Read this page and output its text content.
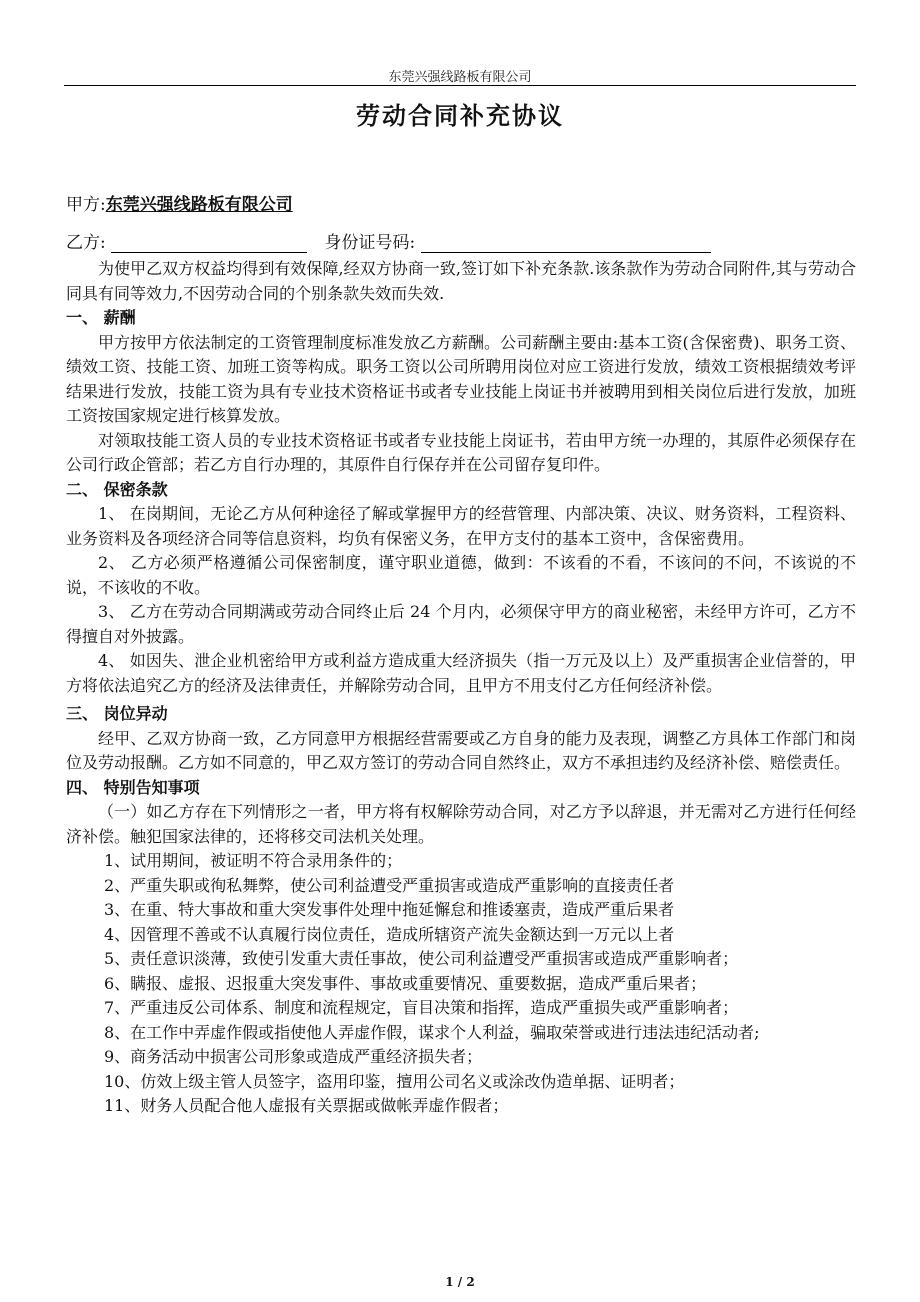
东莞兴强线路板有限公司
劳动合同补充协议
甲方:东莞兴强线路板有限公司
乙方:	身份证号码:

为使甲乙双方权益均得到有效保障,经双方协商一致,签订如下补充条款.该条款作为劳动合同附件,其与劳动合同具有同等效力,不因劳动合同的个别条款失效而失效.

一、 薪酬

甲方按甲方依法制定的工资管理制度标准发放乙方薪酬。公司薪酬主要由:基本工资(含保密费)、职务工资、绩效工资、技能工资、加班工资等构成。职务工资以公司所聘用岗位对应工资进行发放，绩效工资根据绩效考评结果进行发放，技能工资为具有专业技术资格证书或者专业技能上岗证书并被聘用到相关岗位后进行发放，加班工资按国家规定进行核算发放。

对领取技能工资人员的专业技术资格证书或者专业技能上岗证书，若由甲方统一办理的，其原件必须保存在公司行政企管部；若乙方自行办理的，其原件自行保存并在公司留存复印件。

二、 保密条款

1、 在岗期间，无论乙方从何种途径了解或掌握甲方的经营管理、内部决策、决议、财务资料，工程资料、业务资料及各项经济合同等信息资料，均负有保密义务，在甲方支付的基本工资中，含保密费用。

2、 乙方必须严格遵循公司保密制度，谨守职业道德，做到：不该看的不看，不该问的不问，不该说的不说，不该收的不收。

3、 乙方在劳动合同期满或劳动合同终止后 24 个月内，必须保守甲方的商业秘密，未经甲方许可，乙方不得擅自对外披露。

4、 如因失、泄企业机密给甲方或利益方造成重大经济损失（指一万元及以上）及严重损害企业信誉的，甲方将依法追究乙方的经济及法律责任，并解除劳动合同，且甲方不用支付乙方任何经济补偿。

三、 岗位异动

经甲、乙双方协商一致，乙方同意甲方根据经营需要或乙方自身的能力及表现，调整乙方具体工作部门和岗位及劳动报酬。乙方如不同意的，甲乙双方签订的劳动合同自然终止，双方不承担违约及经济补偿、赔偿责任。

四、 特别告知事项

（一）如乙方存在下列情形之一者，甲方将有权解除劳动合同，对乙方予以辞退，并无需对乙方进行任何经济补偿。触犯国家法律的，还将移交司法机关处理。

1、试用期间，被证明不符合录用条件的；

2、严重失职或徇私舞弊，使公司利益遭受严重损害或造成严重影响的直接责任者

3、在重、特大事故和重大突发事件处理中拖延懈怠和推诿塞责，造成严重后果者

4、因管理不善或不认真履行岗位责任，造成所辖资产流失金额达到一万元以上者

5、责任意识淡薄，致使引发重大责任事故，使公司利益遭受严重损害或造成严重影响者；

6、瞒报、虚报、迟报重大突发事件、事故或重要情况、重要数据，造成严重后果者；

7、严重违反公司体系、制度和流程规定，盲目决策和指挥，造成严重损失或严重影响者；

8、在工作中弄虚作假或指使他人弄虚作假，谋求个人利益，骗取荣誉或进行违法违纪活动者;

9、商务活动中损害公司形象或造成严重经济损失者；

10、仿效上级主管人员签字，盗用印鉴，擅用公司名义或涂改伪造单据、证明者；

11、财务人员配合他人虚报有关票据或做帐弄虚作假者；

1 / 2
